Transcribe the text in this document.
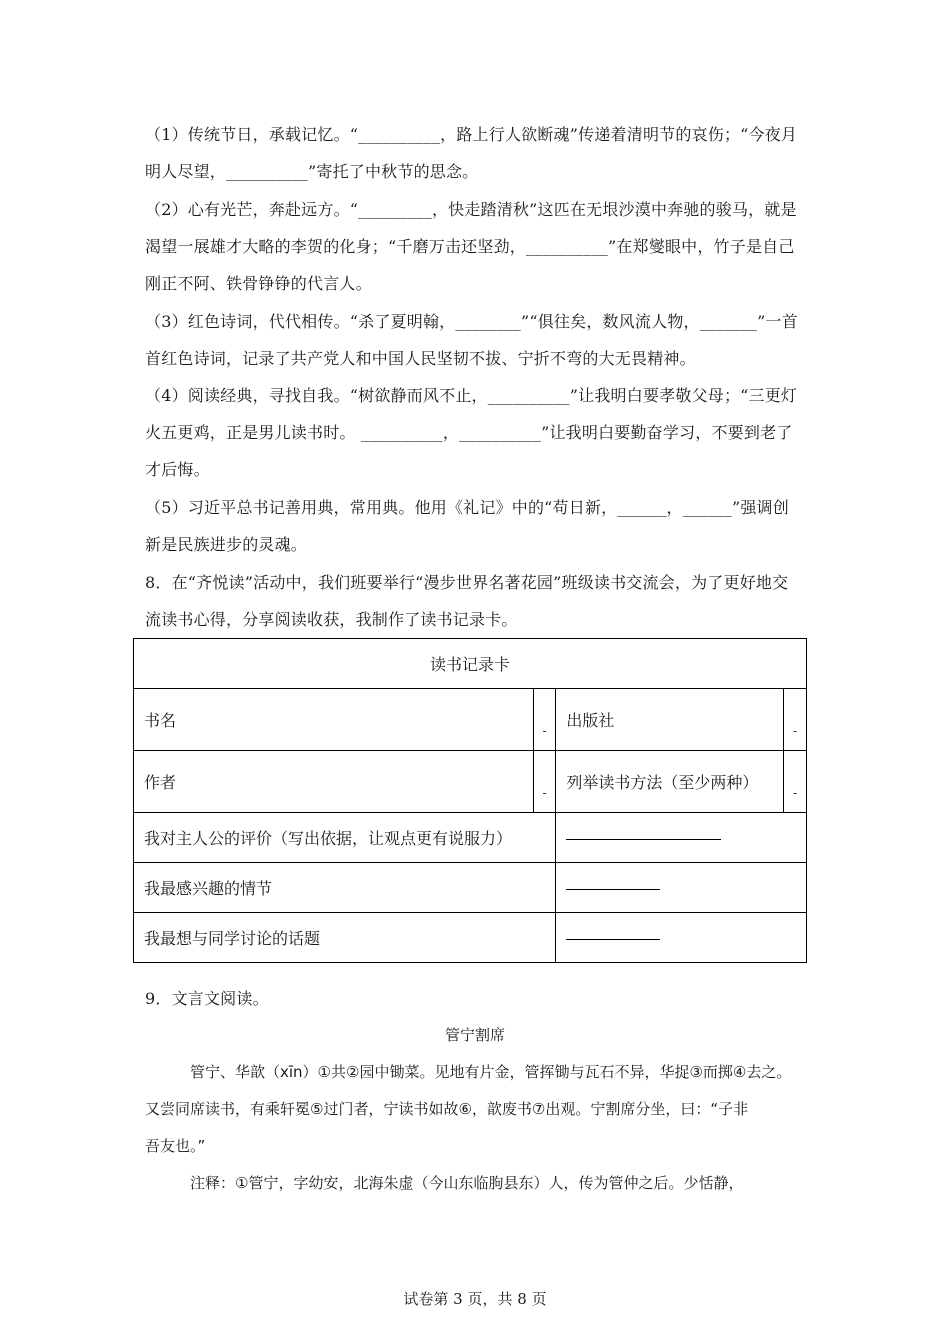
（1）传统节日，承载记忆。“__________，路上行人欲断魂”传递着清明节的哀伤；“今夜月
明人尽望，__________”寄托了中秋节的思念。
（2）心有光芒，奔赴远方。“_________，快走踏清秋”这匹在无垠沙漠中奔驰的骏马，就是
渴望一展雄才大略的李贺的化身；“千磨万击还坚劲，__________”在郑燮眼中，竹子是自己
刚正不阿、铁骨铮铮的代言人。
（3）红色诗词，代代相传。“杀了夏明翰，________”“俱往矣，数风流人物，_______”一首
首红色诗词，记录了共产党人和中国人民坚韧不拔、宁折不弯的大无畏精神。
（4）阅读经典，寻找自我。“树欲静而风不止，__________”让我明白要孝敬父母；“三更灯
火五更鸡，正是男儿读书时。 __________，__________”让我明白要勤奋学习，不要到老了
才后悔。
（5）习近平总书记善用典，常用典。他用《礼记》中的“苟日新，______，______”强调创
新是民族进步的灵魂。
8．在“齐悦读”活动中，我们班要举行“漫步世界名著花园”班级读书交流会，为了更好地交
流读书心得，分享阅读收获，我制作了读书记录卡。
读书记录卡			
书名	-	出版社	-
作者	-	列举读书方法（至少两种）	-
我对主人公的评价（写出依据，让观点更有说服力）			
我最感兴趣的情节			
我最想与同学讨论的话题			
9．文言文阅读。
管宁割席
管宁、华歆（xīn）①共②园中锄菜。见地有片金，管挥锄与瓦石不异，华捉③而掷④去之。
又尝同席读书，有乘轩冕⑤过门者，宁读书如故⑥，歆废书⑦出观。宁割席分坐，曰：“子非
吾友也。”
注释：①管宁，字幼安，北海朱虚（今山东临朐县东）人，传为管仲之后。少恬静，
试卷第 3 页，共 8 页
